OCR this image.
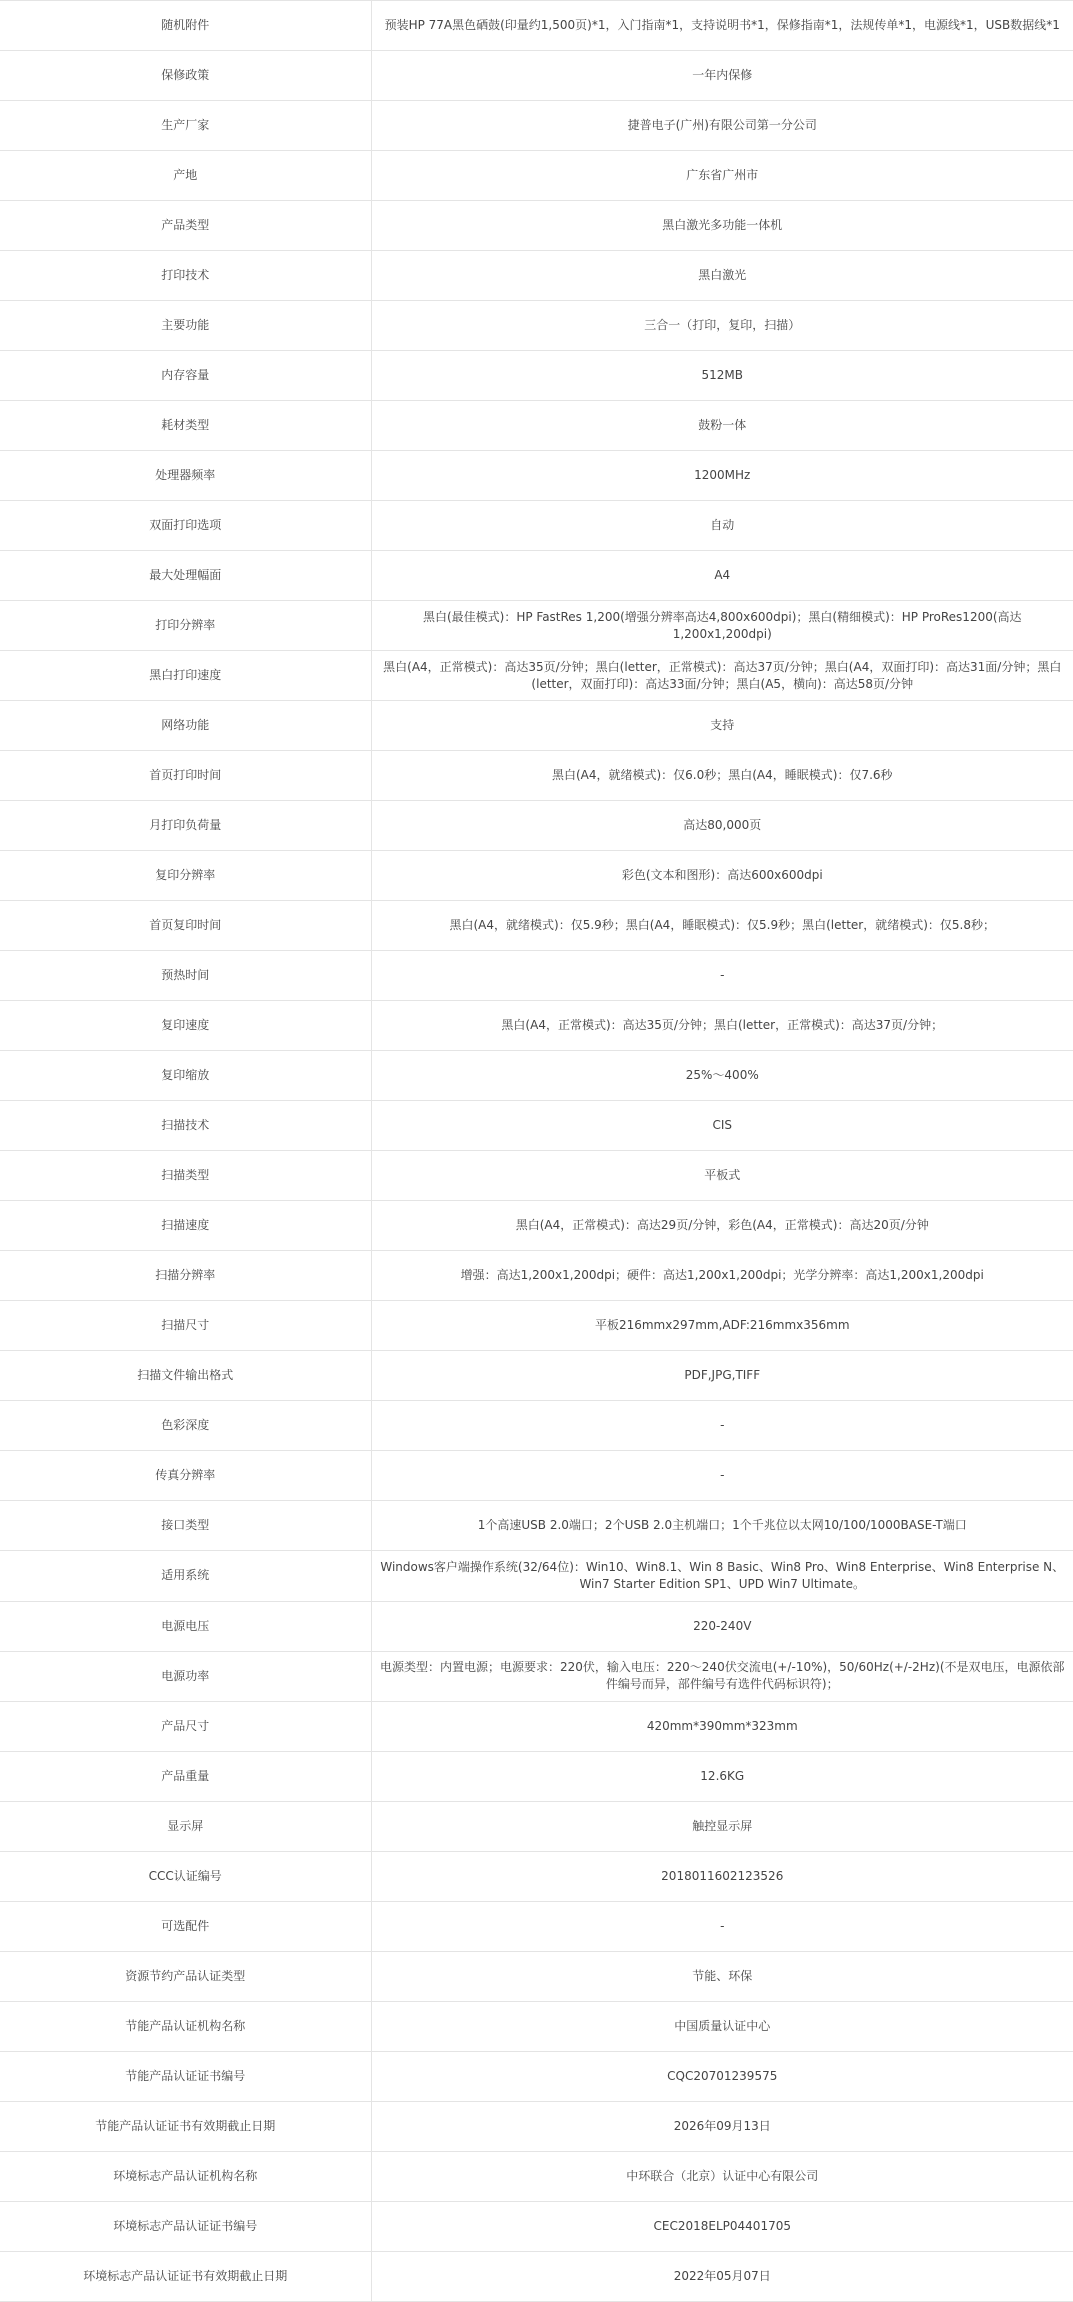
随机附件	预装HP 77A黑色硒鼓(印量约1,500页)*1，入门指南*1，支持说明书*1，保修指南*1，法规传单*1，电源线*1，USB数据线*1
保修政策	一年内保修
生产厂家	捷普电子(广州)有限公司第一分公司
产地	广东省广州市
产品类型	黑白激光多功能一体机
打印技术	黑白激光
主要功能	三合一（打印，复印，扫描）
内存容量	512MB
耗材类型	鼓粉一体
处理器频率	1200MHz
双面打印选项	自动
最大处理幅面	A4
打印分辨率	黑白(最佳模式)：HP FastRes 1,200(增强分辨率高达4,800x600dpi)；黑白(精细模式)：HP ProRes1200(高达1,200x1,200dpi)
黑白打印速度	黑白(A4，正常模式)：高达35页/分钟；黑白(letter，正常模式)：高达37页/分钟；黑白(A4，双面打印)：高达31面/分钟；黑白(letter，双面打印)：高达33面/分钟；黑白(A5，横向)：高达58页/分钟
网络功能	支持
首页打印时间	黑白(A4，就绪模式)：仅6.0秒；黑白(A4，睡眠模式)：仅7.6秒
月打印负荷量	高达80,000页
复印分辨率	彩色(文本和图形)：高达600x600dpi
首页复印时间	黑白(A4，就绪模式)：仅5.9秒；黑白(A4，睡眠模式)：仅5.9秒；黑白(letter，就绪模式)：仅5.8秒；
预热时间	-
复印速度	黑白(A4，正常模式)：高达35页/分钟；黑白(letter，正常模式)：高达37页/分钟；
复印缩放	25%～400%
扫描技术	CIS
扫描类型	平板式
扫描速度	黑白(A4，正常模式)：高达29页/分钟，彩色(A4，正常模式)：高达20页/分钟
扫描分辨率	增强：高达1,200x1,200dpi；硬件：高达1,200x1,200dpi；光学分辨率：高达1,200x1,200dpi
扫描尺寸	平板216mmx297mm,ADF:216mmx356mm
扫描文件输出格式	PDF,JPG,TIFF
色彩深度	-
传真分辨率	-
接口类型	1个高速USB 2.0端口；2个USB 2.0主机端口；1个千兆位以太网10/100/1000BASE-T端口
适用系统	Windows客户端操作系统(32/64位)：Win10、Win8.1、Win 8 Basic、Win8 Pro、Win8 Enterprise、Win8 Enterprise N、Win7 Starter Edition SP1、UPD Win7 Ultimate。
电源电压	220-240V
电源功率	电源类型：内置电源；电源要求：220伏，输入电压：220～240伏交流电(+/-10%)，50/60Hz(+/-2Hz)(不是双电压，电源依部件编号而异，部件编号有选件代码标识符)；
产品尺寸	420mm*390mm*323mm
产品重量	12.6KG
显示屏	触控显示屏
CCC认证编号	2018011602123526
可选配件	-
资源节约产品认证类型	节能、环保
节能产品认证机构名称	中国质量认证中心
节能产品认证证书编号	CQC20701239575
节能产品认证证书有效期截止日期	2026年09月13日
环境标志产品认证机构名称	中环联合（北京）认证中心有限公司
环境标志产品认证证书编号	CEC2018ELP04401705
环境标志产品认证证书有效期截止日期	2022年05月07日
